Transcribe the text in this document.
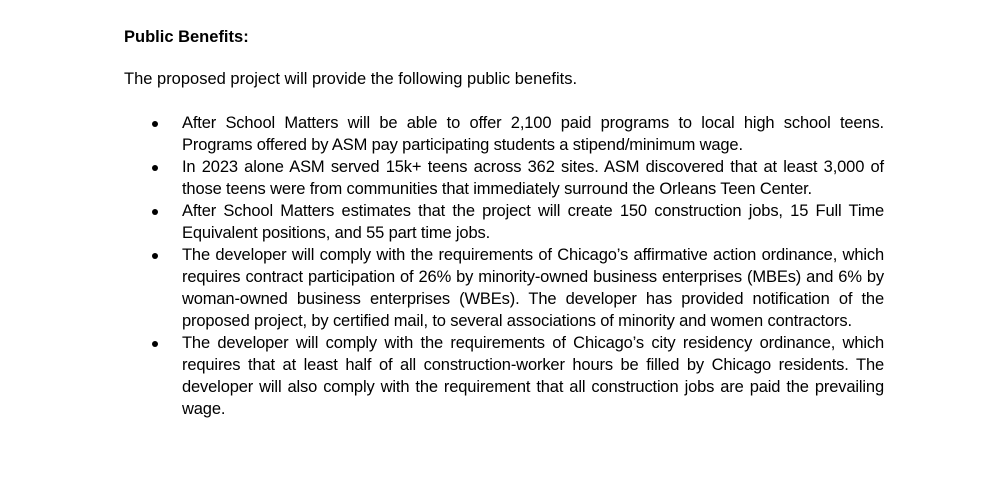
Public Benefits:

The proposed project will provide the following public benefits.

After School Matters will be able to offer 2,100 paid programs to local high school teens. Programs offered by ASM pay participating students a stipend/minimum wage.

In 2023 alone ASM served 15k+ teens across 362 sites. ASM discovered that at least 3,000 of those teens were from communities that immediately surround the Orleans Teen Center.

After School Matters estimates that the project will create 150 construction jobs, 15 Full Time Equivalent positions, and 55 part time jobs.

The developer will comply with the requirements of Chicago’s affirmative action ordinance, which requires contract participation of 26% by minority-owned business enterprises (MBEs) and 6% by woman-owned business enterprises (WBEs). The developer has provided notification of the proposed project, by certified mail, to several associations of minority and women contractors.

The developer will comply with the requirements of Chicago’s city residency ordinance, which requires that at least half of all construction-worker hours be filled by Chicago residents. The developer will also comply with the requirement that all construction jobs are paid the prevailing wage.
